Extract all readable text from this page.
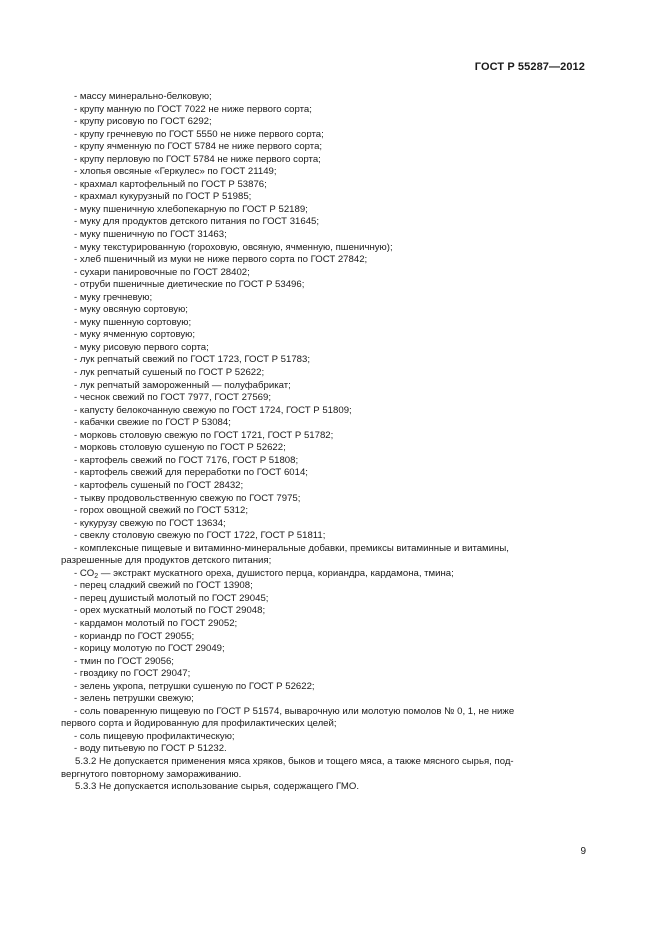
ГОСТ Р 55287—2012
- массу минерально-белковую;
- крупу манную по ГОСТ 7022 не ниже первого сорта;
- крупу рисовую по ГОСТ 6292;
- крупу гречневую по ГОСТ 5550 не ниже первого сорта;
- крупу ячменную по ГОСТ 5784 не ниже первого сорта;
- крупу перловую по ГОСТ 5784 не ниже первого сорта;
- хлопья овсяные «Геркулес» по ГОСТ 21149;
- крахмал картофельный по ГОСТ Р 53876;
- крахмал кукурузный по ГОСТ Р 51985;
- муку пшеничную хлебопекарную по ГОСТ Р 52189;
- муку для продуктов детского питания по ГОСТ 31645;
- муку пшеничную по ГОСТ 31463;
- муку текстурированную (гороховую, овсяную, ячменную, пшеничную);
- хлеб пшеничный из муки не ниже первого сорта по ГОСТ 27842;
- сухари панировочные по ГОСТ 28402;
- отруби пшеничные диетические по ГОСТ Р 53496;
- муку гречневую;
- муку овсяную сортовую;
- муку пшенную сортовую;
- муку ячменную сортовую;
- муку рисовую первого сорта;
- лук репчатый свежий по ГОСТ 1723, ГОСТ Р 51783;
- лук репчатый сушеный по ГОСТ Р 52622;
- лук репчатый замороженный — полуфабрикат;
- чеснок свежий по ГОСТ 7977, ГОСТ 27569;
- капусту белокочанную свежую по ГОСТ 1724, ГОСТ Р 51809;
- кабачки свежие по ГОСТ Р 53084;
- морковь столовую свежую по ГОСТ 1721, ГОСТ Р 51782;
- морковь столовую сушеную по ГОСТ Р 52622;
- картофель свежий по ГОСТ 7176, ГОСТ Р 51808;
- картофель свежий для переработки по ГОСТ 6014;
- картофель сушеный по ГОСТ 28432;
- тыкву продовольственную свежую по ГОСТ 7975;
- горох овощной свежий по ГОСТ 5312;
- кукурузу свежую по ГОСТ 13634;
- свеклу столовую свежую по ГОСТ 1722, ГОСТ Р 51811;
- комплексные пищевые и витаминно-минеральные добавки, премиксы витаминные и витамины,
разрешенные для продуктов детского питания;
- $CO_2$ — экстракт мускатного ореха, душистого перца, кориандра, кардамона, тмина;
- перец сладкий свежий по ГОСТ 13908;
- перец душистый молотый по ГОСТ 29045;
- орех мускатный молотый по ГОСТ 29048;
- кардамон молотый по ГОСТ 29052;
- кориандр по ГОСТ 29055;
- корицу молотую по ГОСТ 29049;
- тмин по ГОСТ 29056;
- гвоздику по ГОСТ 29047;
- зелень укропа, петрушки сушеную по ГОСТ Р 52622;
- зелень петрушки свежую;
- соль поваренную пищевую по ГОСТ Р 51574, выварочную или молотую помолов № 0, 1, не ниже
первого сорта и йодированную для профилактических целей;
- соль пищевую профилактическую;
- воду питьевую по ГОСТ Р 51232.
5.3.2 Не допускается применения мяса хряков, быков и тощего мяса, а также мясного сырья, под-
вергнутого повторному замораживанию.
5.3.3 Не допускается использование сырья, содержащего ГМО.
9
